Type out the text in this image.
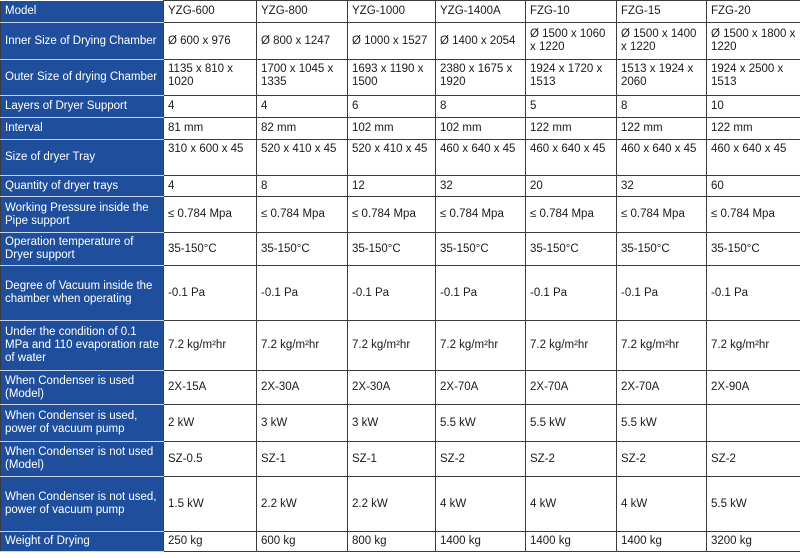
Model	YZG-600	YZG-800	YZG-1000	YZG-1400A	FZG-10	FZG-15	FZG-20
Inner Size of Drying Chamber	Ø 600 x 976	Ø 800 x 1247	Ø 1000 x 1527	Ø 1400 x 2054	Ø 1500 x 1060 x 1220	Ø 1500 x 1400 x 1220	Ø 1500 x 1800 x 1220
Outer Size of drying Chamber	1135 x 810 x 1020	1700 x 1045 x 1335	1693 x 1190 x 1500	2380 x 1675 x 1920	1924 x 1720 x 1513	1513 x 1924 x 2060	1924 x 2500 x 1513
Layers of Dryer Support	4	4	6	8	5	8	10
Interval	81 mm	82 mm	102 mm	102 mm	122 mm	122 mm	122 mm
Size of dryer Tray	310 x 600 x 45	520 x 410 x 45	520 x 410 x 45	460 x 640 x 45	460 x 640 x 45	460 x 640 x 45	460 x 640 x 45
Quantity of dryer trays	4	8	12	32	20	32	60
Working Pressure inside the Pipe support	≤ 0.784 Mpa	≤ 0.784 Mpa	≤ 0.784 Mpa	≤ 0.784 Mpa	≤ 0.784 Mpa	≤ 0.784 Mpa	≤ 0.784 Mpa
Operation temperature of Dryer support	35-150°C	35-150°C	35-150°C	35-150°C	35-150°C	35-150°C	35-150°C
Degree of Vacuum inside the chamber when operating	-0.1 Pa	-0.1 Pa	-0.1 Pa	-0.1 Pa	-0.1 Pa	-0.1 Pa	-0.1 Pa
Under the condition of 0.1 MPa and 110 evaporation rate of water	7.2 kg/m²hr	7.2 kg/m²hr	7.2 kg/m²hr	7.2 kg/m²hr	7.2 kg/m²hr	7.2 kg/m²hr	7.2 kg/m²hr
When Condenser is used (Model)	2X-15A	2X-30A	2X-30A	2X-70A	2X-70A	2X-70A	2X-90A
When Condenser is used, power of vacuum pump	2 kW	3 kW	3 kW	5.5 kW	5.5 kW	5.5 kW	
When Condenser is not used (Model)	SZ-0.5	SZ-1	SZ-1	SZ-2	SZ-2	SZ-2	SZ-2
When Condenser is not used, power of vacuum pump	1.5 kW	2.2 kW	2.2 kW	4 kW	4 kW	4 kW	5.5 kW
Weight of Drying	250 kg	600 kg	800 kg	1400 kg	1400 kg	1400 kg	3200 kg
